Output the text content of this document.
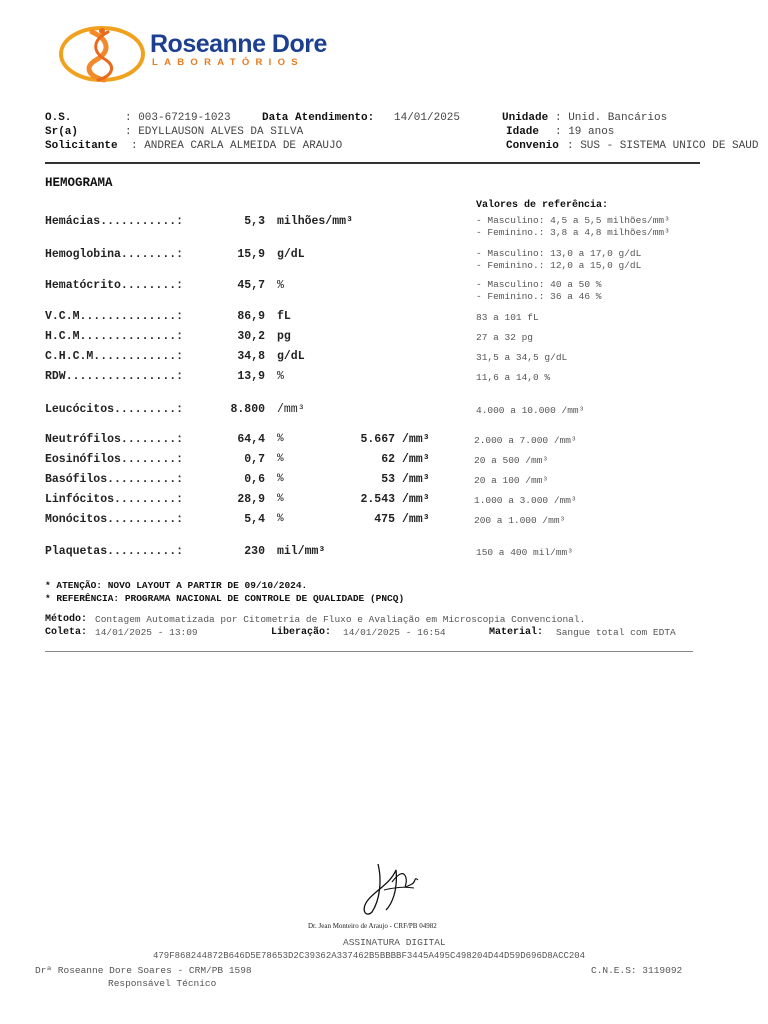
Roseanne Dore
LABORATÓRIOS
O.S.	: 003-67219-1023	Data Atendimento: 14/01/2025	Unidade : Unid. Bancários
Sr(a)	: EDYLLAUSON ALVES DA SILVA	Idade : 19 anos
Solicitante : ANDREA CARLA ALMEIDA DE ARAUJO	Convenio : SUS - SISTEMA UNICO DE SAUD
HEMOGRAMA
Valores de referência:
Hemácias...........:	5,3 milhões/mm³	- Masculino: 4,5 a 5,5 milhões/mm³
- Feminino.: 3,8 a 4,8 milhões/mm³
Hemoglobina........:	15,9 g/dL	- Masculino: 13,0 a 17,0 g/dL
- Feminino.: 12,0 a 15,0 g/dL
Hematócrito........:	45,7 %	- Masculino: 40 a 50 %
- Feminino.: 36 a 46 %
V.C.M..............:	86,9 fL	83 a 101 fL
H.C.M..............:	30,2 pg	27 a 32 pg
C.H.C.M............:	34,8 g/dL	31,5 a 34,5 g/dL
RDW................:	13,9 %	11,6 a 14,0 %
Leucócitos.........:	8.800 /mm³	4.000 a 10.000 /mm³
Neutrófilos........:	64,4 %	5.667 /mm³	2.000 a 7.000 /mm³
Eosinófilos........:	0,7 %	62 /mm³	20 a 500 /mm³
Basófilos..........:	0,6 %	53 /mm³	20 a 100 /mm³
Linfócitos.........:	28,9 %	2.543 /mm³	1.000 a 3.000 /mm³
Monócitos..........:	5,4 %	475 /mm³	200 a 1.000 /mm³
Plaquetas..........:	230 mil/mm³	150 a 400 mil/mm³
* ATENÇÃO: NOVO LAYOUT A PARTIR DE 09/10/2024.
* REFERÊNCIA: PROGRAMA NACIONAL DE CONTROLE DE QUALIDADE (PNCQ)
Método: Contagem Automatizada por Citometria de Fluxo e Avaliação em Microscopia Convencional.
Coleta: 14/01/2025 - 13:09	Liberação: 14/01/2025 - 16:54	Material: Sangue total com EDTA
Dr. Jean Monteiro de Araujo - CRF/PB 04982
ASSINATURA DIGITAL
479F868244872B646D5E78653D2C39362A337462B5BBBBF3445A495C498204D44D59D696D8ACC204
Drª Roseanne Dore Soares - CRM/PB 1598	C.N.E.S: 3119092
Responsável Técnico
